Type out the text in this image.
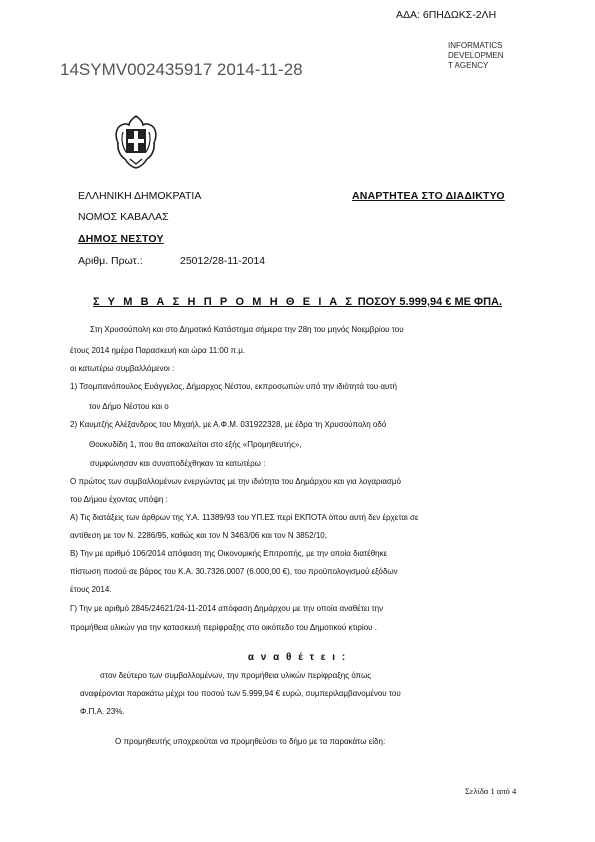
ΑΔΑ: 6ΠΗΔΩΚΣ-2ΛΗ
INFORMATICS DEVELOPMEN T AGENCY
14SYMV002435917 2014-11-28
ΕΛΛΗΝΙΚΗ ΔΗΜΟΚΡΑΤΙΑ
ΝΟΜΟΣ ΚΑΒΑΛΑΣ
ΔΗΜΟΣ ΝΕΣΤΟΥ
Αριθμ. Πρωτ.:	25012/28-11-2014
ΑΝΑΡΤΗΤΕΑ ΣΤΟ ΔΙΑΔΙΚΤΥΟ
Σ Υ Μ Β Α Σ Η Π Ρ Ο Μ Η Θ Ε Ι Α Σ ΠΟΣΟΥ 5.999,94 € ΜΕ ΦΠΑ.
Στη Χρυσούπολη και στο Δημοτικό Κατάστημα σήμερα την 28η του μηνός Νοεμβρίου του
έτους 2014 ημέρα Παρασκευή και ώρα 11:00 π.μ.
οι κατωτέρω συμβαλλόμενοι :
1) Τσομπανόπουλος Ευάγγελος, Δήμαρχος Νέστου, εκπροσωπών υπό την ιδιότητά του αυτή
τον Δήμο Νέστου και ο
2) Καυμτζής Αλέξανδρος του Μιχαήλ, με Α.Φ.Μ. 031922328, με έδρα τη Χρυσούπολη οδό
Θουκυδίδη 1, που θα αποκαλείται στο εξής «Προμηθευτής»,
συμφώνησαν και συναποδέχθηκαν τα κατωτέρω :
Ο πρώτος των συμβαλλομένων ενεργώντας με την ιδιότητα του Δημάρχου και για λογαριασμό
του Δήμου έχοντας υπόψη :
Α) Τις διατάξεις των άρθρων της Υ.Α. 11389/93 του ΥΠ.ΕΣ περί ΕΚΠΟΤΑ όπου αυτή δεν έρχεται σε
αντίθεση με τον Ν. 2286/95, καθώς και τον Ν 3463/06 και τον Ν 3852/10,
Β) Την με αριθμό 106/2014 απόφαση της Οικονομικής Επιτροπής, με την οποία διατέθηκε
πίστωση ποσού σε βάρος του Κ.Α. 30.7326.0007 (6.000,00 €), του προϋπολογισμού εξόδων
έτους 2014.
Γ) Την με αριθμό 2845/24621/24-11-2014 απόφαση Δημάρχου με την οποία αναθέτει την
προμήθεια υλικών για την κατασκευή περίφραξης στο οικόπεδο του Δημοτικού κτιρίου .
α ν α θ έ τ ε ι :
στον δεύτερο των συμβαλλομένων, την προμήθεια υλικών περίφραξης όπως
αναφέρονται παρακάτω μέχρι του ποσού των 5.999,94 € ευρώ, συμπεριλαμβανομένου του
Φ.Π.Α. 23%.
Ο προμηθευτής υποχρεούται να προμηθεύσει το δήμο με τα παρακάτω είδη:
Σελίδα 1 από 4
